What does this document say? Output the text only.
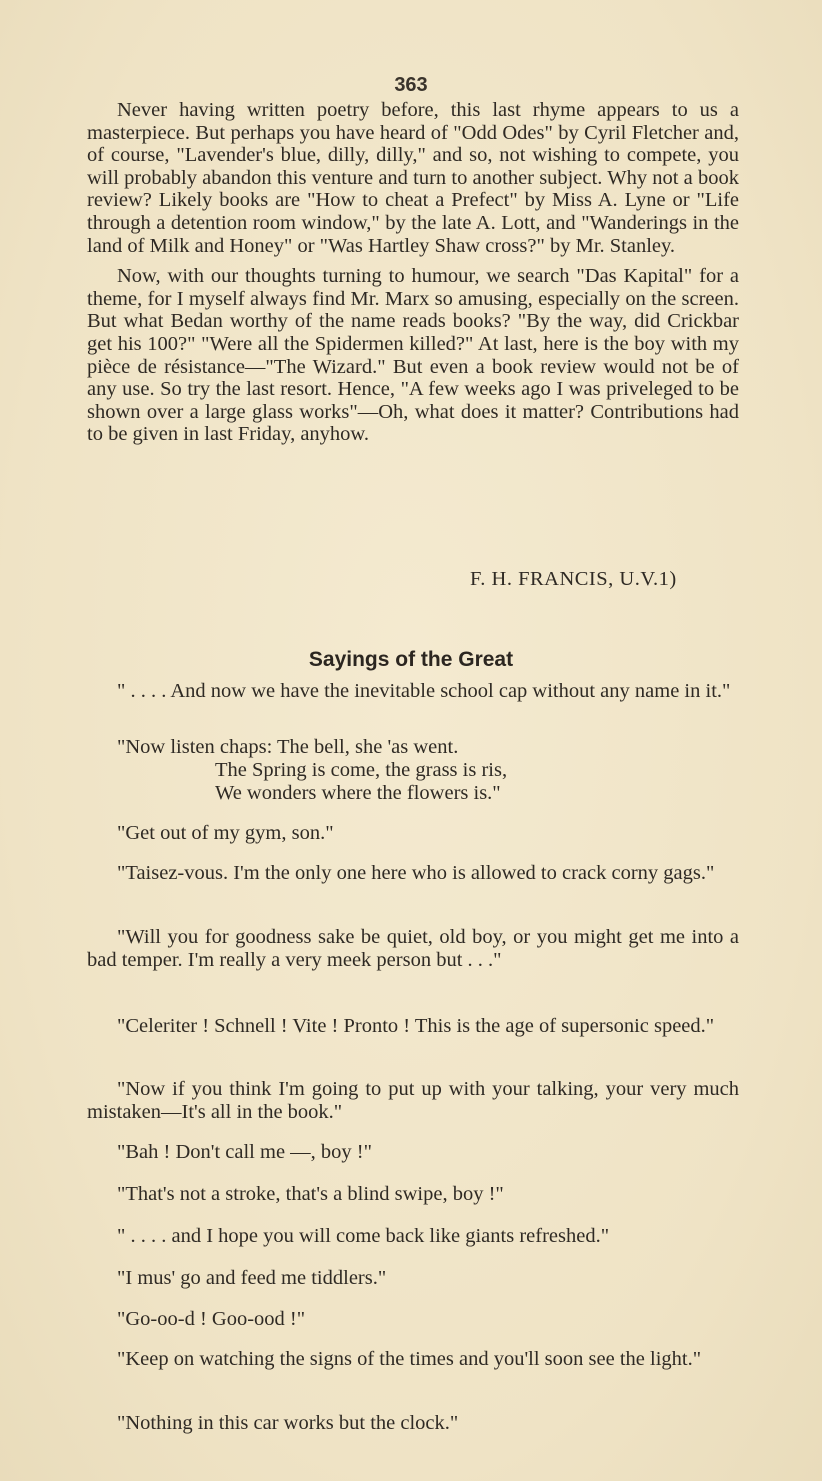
363

Never having written poetry before, this last rhyme appears to us a masterpiece. But perhaps you have heard of "Odd Odes" by Cyril Fletcher and, of course, "Lavender's blue, dilly, dilly," and so, not wishing to compete, you will probably abandon this venture and turn to another subject. Why not a book review? Likely books are "How to cheat a Prefect" by Miss A. Lyne or "Life through a detention room window," by the late A. Lott, and "Wanderings in the land of Milk and Honey" or "Was Hartley Shaw cross?" by Mr. Stanley.

Now, with our thoughts turning to humour, we search "Das Kapital" for a theme, for I myself always find Mr. Marx so amusing, especially on the screen. But what Bedan worthy of the name reads books? "By the way, did Crickbar get his 100?" "Were all the Spidermen killed?" At last, here is the boy with my pièce de résistance—"The Wizard." But even a book review would not be of any use. So try the last resort. Hence, "A few weeks ago I was priveleged to be shown over a large glass works"—Oh, what does it matter? Contributions had to be given in last Friday, anyhow.

F. H. FRANCIS, U.V.1)
Sayings of the Great

" . . . . And now we have the inevitable school cap without any name in it."

"Now listen chaps: The bell, she 'as went.
The Spring is come, the grass is ris,
We wonders where the flowers is."

"Get out of my gym, son."

"Taisez-vous. I'm the only one here who is allowed to crack corny gags."

"Will you for goodness sake be quiet, old boy, or you might get me into a bad temper. I'm really a very meek person but . . ."

"Celeriter ! Schnell ! Vite ! Pronto ! This is the age of supersonic speed."

"Now if you think I'm going to put up with your talking, your very much mistaken—It's all in the book."

"Bah ! Don't call me —, boy !"

"That's not a stroke, that's a blind swipe, boy !"

" . . . . and I hope you will come back like giants refreshed."

"I mus' go and feed me tiddlers."

"Go-oo-d ! Goo-ood !"

"Keep on watching the signs of the times and you'll soon see the light."

"Nothing in this car works but the clock."
